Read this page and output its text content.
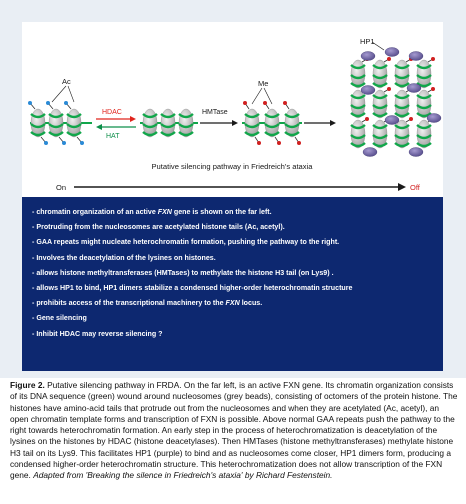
HDAC
HAT
HMTase
Ac	Me
HP1
Putative silencing pathway in Friedreich's ataxia
On	Off
- chromatin organization of an active FXN gene is shown on the far left.
- Protruding from the nucleosomes are acetylated histone tails (Ac, acetyl).
- GAA repeats might nucleate heterochromatin formation, pushing the pathway to the right.
- Involves the deacetylation of the lysines on histones.
- allows histone methyltransferases (HMTases) to methylate the histone H3 tail (on Lys9) .
- allows HP1 to bind, HP1 dimers stabilize a condensed higher-order heterochromatin structure
- prohibits access of the transcriptional machinery to the FXN locus.
- Gene silencing
- Inhibit HDAC may reverse silencing ?

Figure 2. Putative silencing pathway in FRDA. On the far left, is an active FXN gene. Its chromatin organization consists of its DNA sequence (green) wound around nucleosomes (grey beads), consisting of octomers of the protein histone. The histones have amino-acid tails that protrude out from the nucleosomes and when they are acetylated (Ac, acetyl), an open chromatin template forms and transcription of FXN is possible. Above normal GAA repeats push the pathway to the right towards heterochromatin formation. An early step in the process of heterochromatization is deacetylation of the lysines on the histones by HDAC (histone deacetylases). Then HMTases (histone methyltransferases) methylate histone H3 tail on its Lys9. This facilitates HP1 (purple) to bind and as nucleosomes come closer, HP1 dimers form, producing a condensed higher-order heterochromatin structure. This heterochromatization does not allow transcription of the FXN gene. Adapted from 'Breaking the silence in Friedreich's ataxia' by Richard Festenstein.
